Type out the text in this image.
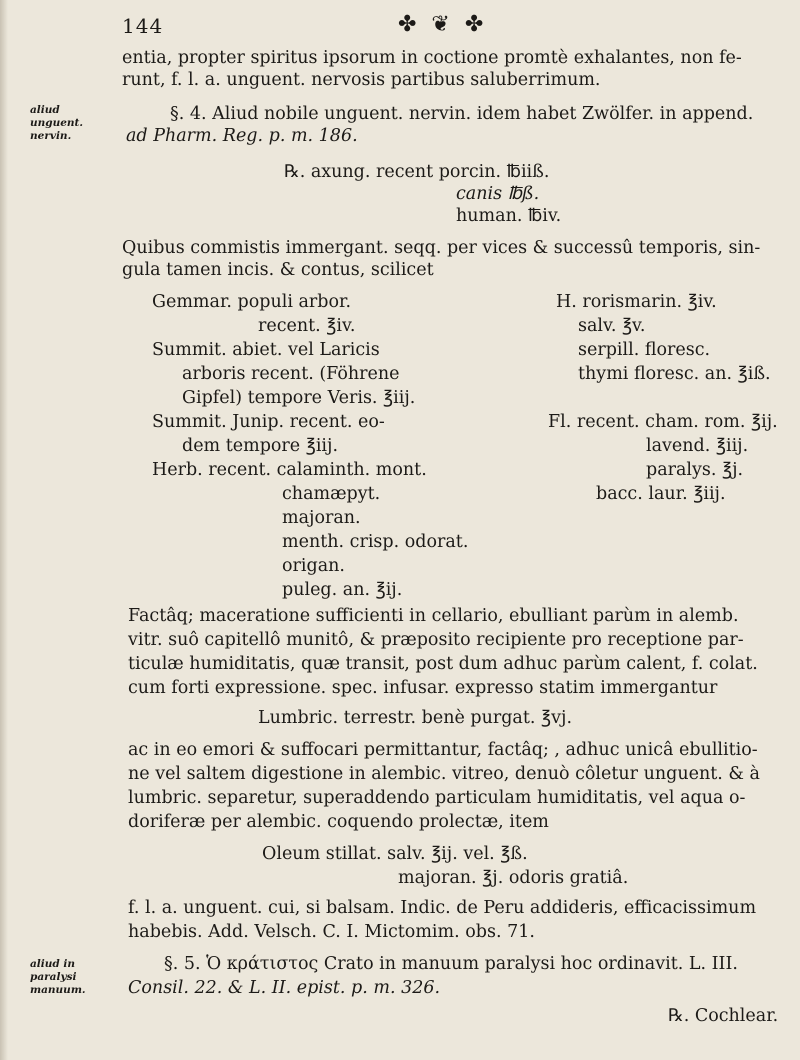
144	✤ ❦ ✤
aliud unguent. nervin.
aliud in paralysi manuum.
entia, propter spiritus ipsorum in coctione promtè exhalantes, non fe-
runt, f. l. a. unguent. nervosis partibus saluberrimum.
§. 4. Aliud nobile unguent. nervin. idem habet Zwölfer. in append.
ad Pharm. Reg. p. m. 186.
℞. axung. recent porcin. ℔iiß.
canis ℔ß.
human. ℔iv.
Quibus commistis immergant. seqq. per vices & successû temporis, sin-
gula tamen incis. & contus, scilicet
Gemmar. populi arbor.
recent. ℥iv.
Summit. abiet. vel Laricis
arboris recent. (Föhrene
Gipfel) tempore Veris. ℥iij.
Summit. Junip. recent. eo-
dem tempore ℥iij.
Herb. recent. calaminth. mont.
chamæpyt.
majoran.
menth. crisp. odorat.
origan.
puleg. an. ℥ij.
H. rorismarin. ℥iv.
salv. ℥v.
serpill. floresc.
thymi floresc. an. ℥iß.
Fl. recent. cham. rom. ℥ij.
lavend. ℥iij.
paralys. ℥j.
bacc. laur. ℥iij.
Factâq; maceratione sufficienti in cellario, ebulliant parùm in alemb.
vitr. suô capitellô munitô, & præposito recipiente pro receptione par-
ticulæ humiditatis, quæ transit, post dum adhuc parùm calent, f. colat.
cum forti expressione. spec. infusar. expresso statim immergantur
Lumbric. terrestr. benè purgat. ℥vj.
ac in eo emori & suffocari permittantur, factâq; , adhuc unicâ ebullitio-
ne vel saltem digestione in alembic. vitreo, denuò côletur unguent. & à
lumbric. separetur, superaddendo particulam humiditatis, vel aqua o-
doriferæ per alembic. coquendo prolectæ, item
Oleum stillat. salv. ℥ij. vel. ℥ß.
majoran. ℥j. odoris gratiâ.
f. l. a. unguent. cui, si balsam. Indic. de Peru addideris, efficacissimum
habebis. Add. Velsch. C. I. Mictomim. obs. 71.
§. 5. Ὁ κράτιστος Crato in manuum paralysi hoc ordinavit. L. III.
Consil. 22. & L. II. epist. p. m. 326.
℞. Cochlear.
